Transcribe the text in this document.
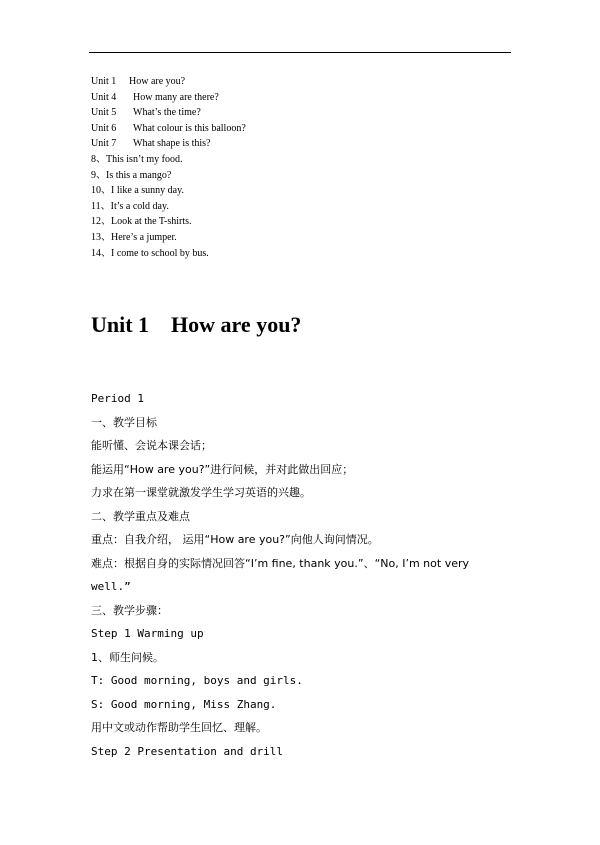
Unit 1 How are you?
Unit 4 How many are there?
Unit 5 What’s the time?
Unit 6 What colour is this balloon?
Unit 7 What shape is this?
8、This isn’t my food.
9、Is this a mango?
10、I like a sunny day.
11、It’s a cold day.
12、Look at the T-shirts.
13、Here’s a jumper.
14、I come to school by bus.
Unit 1    How are you?
Period 1
一、教学目标
能听懂、会说本课会话；
能运用“How are you?”进行问候，并对此做出回应；
力求在第一课堂就激发学生学习英语的兴趣。
二、教学重点及难点
重点：自我介绍， 运用“How are you?”向他人询问情况。
难点：根据自身的实际情况回答“I’m fine, thank you.”、“No, I’m not very
well.”
三、教学步骤：
Step 1 Warming up
1、师生问候。
T: Good morning, boys and girls.
S: Good morning, Miss Zhang.
用中文或动作帮助学生回忆、理解。
Step 2 Presentation and drill
